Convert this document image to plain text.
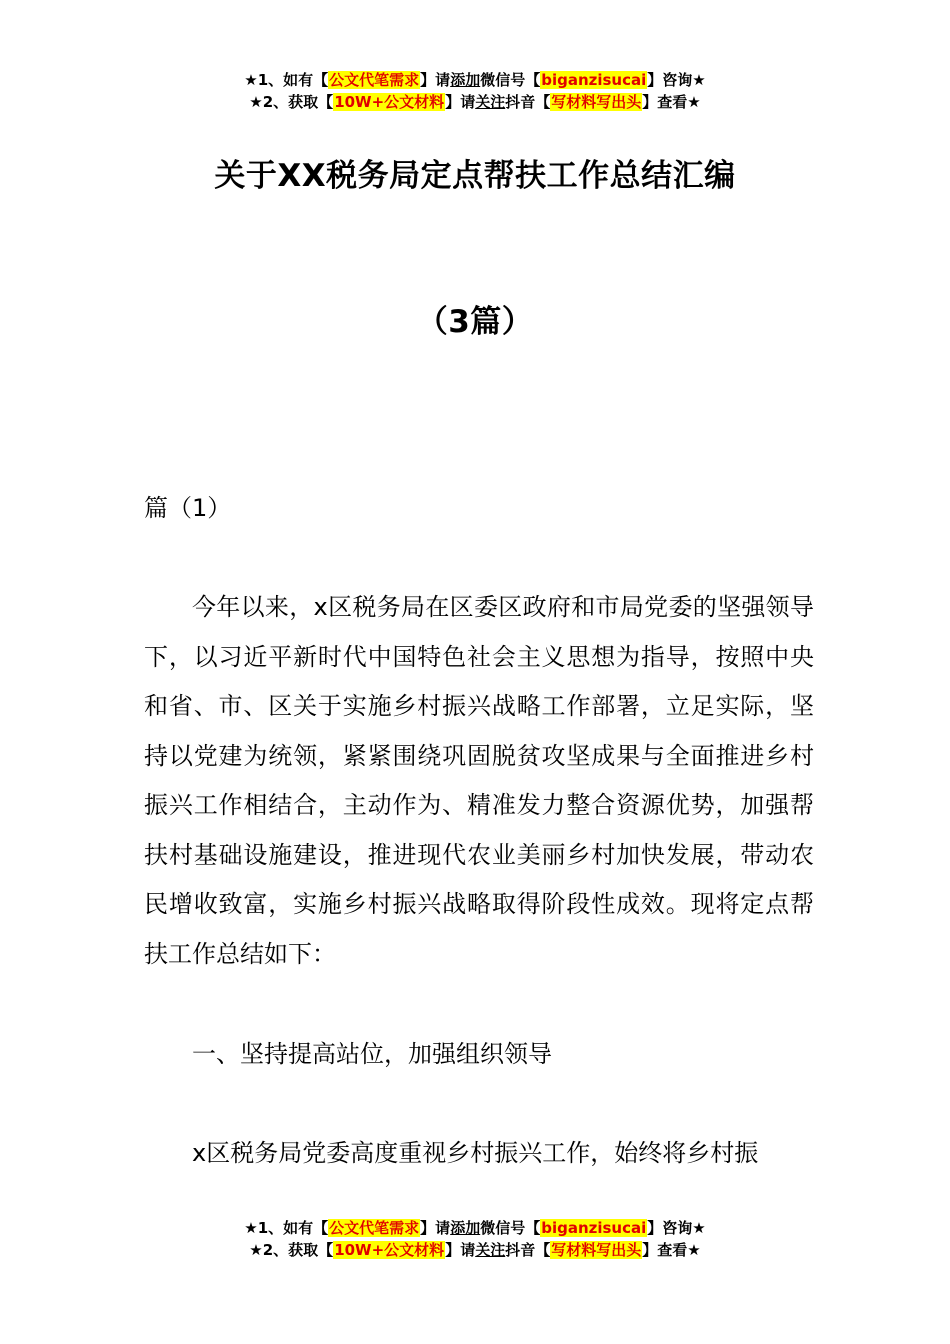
★1、如有【公文代笔需求】请添加微信号【biganzisucai】咨询★
★2、获取【10W+公文材料】请关注抖音【写材料写出头】查看★
关于XX税务局定点帮扶工作总结汇编
（3篇）
篇（1）

今年以来，x区税务局在区委区政府和市局党委的坚强领导下，以习近平新时代中国特色社会主义思想为指导，按照中央和省、市、区关于实施乡村振兴战略工作部署，立足实际，坚持以党建为统领，紧紧围绕巩固脱贫攻坚成果与全面推进乡村振兴工作相结合，主动作为、精准发力整合资源优势，加强帮扶村基础设施建设，推进现代农业美丽乡村加快发展，带动农民增收致富，实施乡村振兴战略取得阶段性成效。现将定点帮扶工作总结如下：

一、坚持提高站位，加强组织领导

x区税务局党委高度重视乡村振兴工作，始终将乡村振

★1、如有【公文代笔需求】请添加微信号【biganzisucai】咨询★
★2、获取【10W+公文材料】请关注抖音【写材料写出头】查看★
